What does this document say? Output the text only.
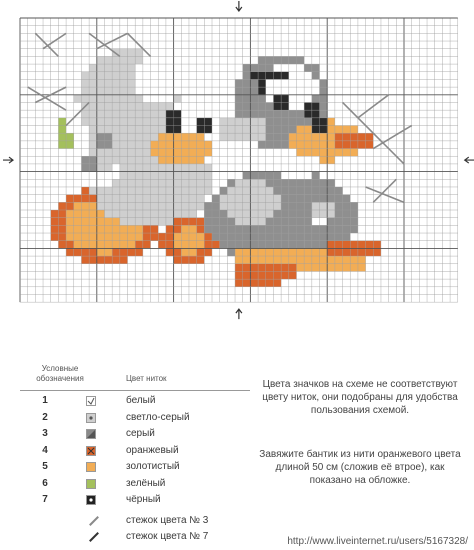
Условные обозначения	Цвет ниток
1	белый
2	светло-серый
3	серый
4	оранжевый
5	золотистый
6	зелёный
7	чёрный
стежок цвета № 3
стежок цвета № 7
Цвета значков на схеме не соответствуют цвету ниток, они подобраны для удобства пользования схемой.
Завяжите бантик из нити оранжевого цвета длиной 50 см (сложив её втрое), как показано на обложке.
http://www.liveinternet.ru/users/5167328/
